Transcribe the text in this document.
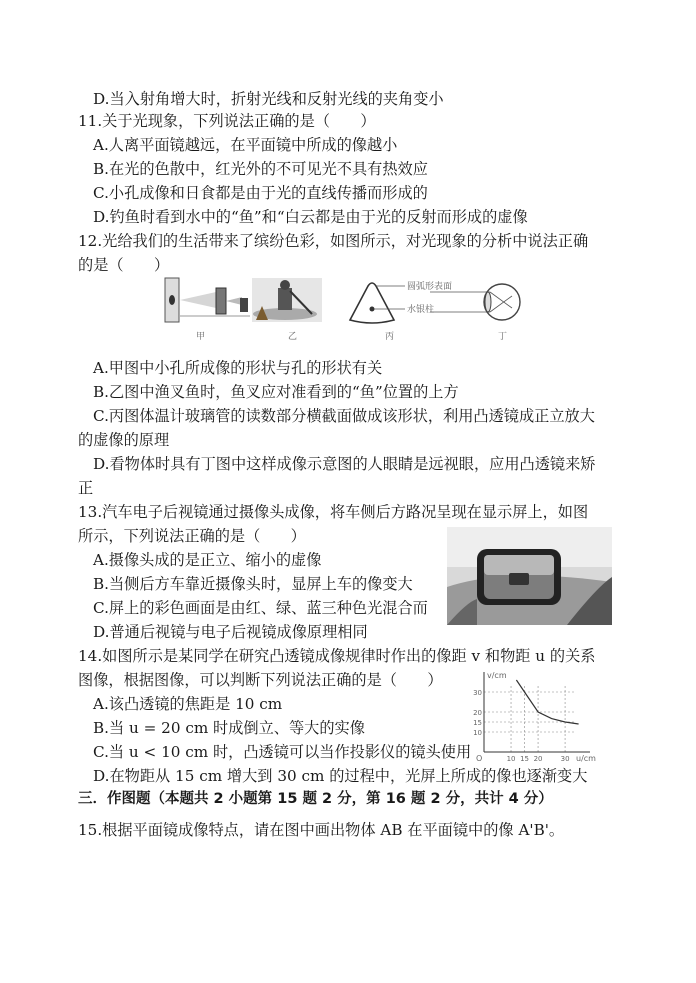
D.当入射角增大时，折射光线和反射光线的夹角变小
11.关于光现象，下列说法正确的是（　　）
A.人离平面镜越远，在平面镜中所成的像越小
B.在光的色散中，红光外的不可见光不具有热效应
C.小孔成像和日食都是由于光的直线传播而形成的
D.钓鱼时看到水中的“鱼”和“白云都是由于光的反射而形成的虚像
12.光给我们的生活带来了缤纷色彩，如图所示，对光现象的分析中说法正确
的是（　　）
甲	乙
圆弧形表面
水银柱
丙	丁
A.甲图中小孔所成像的形状与孔的形状有关
B.乙图中渔叉鱼时，鱼叉应对准看到的“鱼”位置的上方
C.丙图体温计玻璃管的读数部分横截面做成该形状，利用凸透镜成正立放大
的虚像的原理
D.看物体时具有丁图中这样成像示意图的人眼睛是远视眼，应用凸透镜来矫
正
13.汽车电子后视镜通过摄像头成像，将车侧后方路况呈现在显示屏上，如图
所示，下列说法正确的是（　　）
A.摄像头成的是正立、缩小的虚像
B.当侧后方车靠近摄像头时，显屏上车的像变大
C.屏上的彩色画面是由红、绿、蓝三种色光混合而
D.普通后视镜与电子后视镜成像原理相同
14.如图所示是某同学在研究凸透镜成像规律时作出的像距 v 和物距 u 的关系
图像，根据图像，可以判断下列说法正确的是（　　）
A.该凸透镜的焦距是 10 cm
B.当 u = 20 cm 时成倒立、等大的实像
C.当 u < 10 cm 时，凸透镜可以当作投影仪的镜头使用
D.在物距从 15 cm 增大到 30 cm 的过程中，光屏上所成的像也逐渐变大
10
15
20
30
10 15 20	30
v/cm
u/cm
O
三．作图题（本题共 2 小题第 15 题 2 分，第 16 题 2 分，共计 4 分）
15.根据平面镜成像特点，请在图中画出物体 AB 在平面镜中的像 A'B'。
